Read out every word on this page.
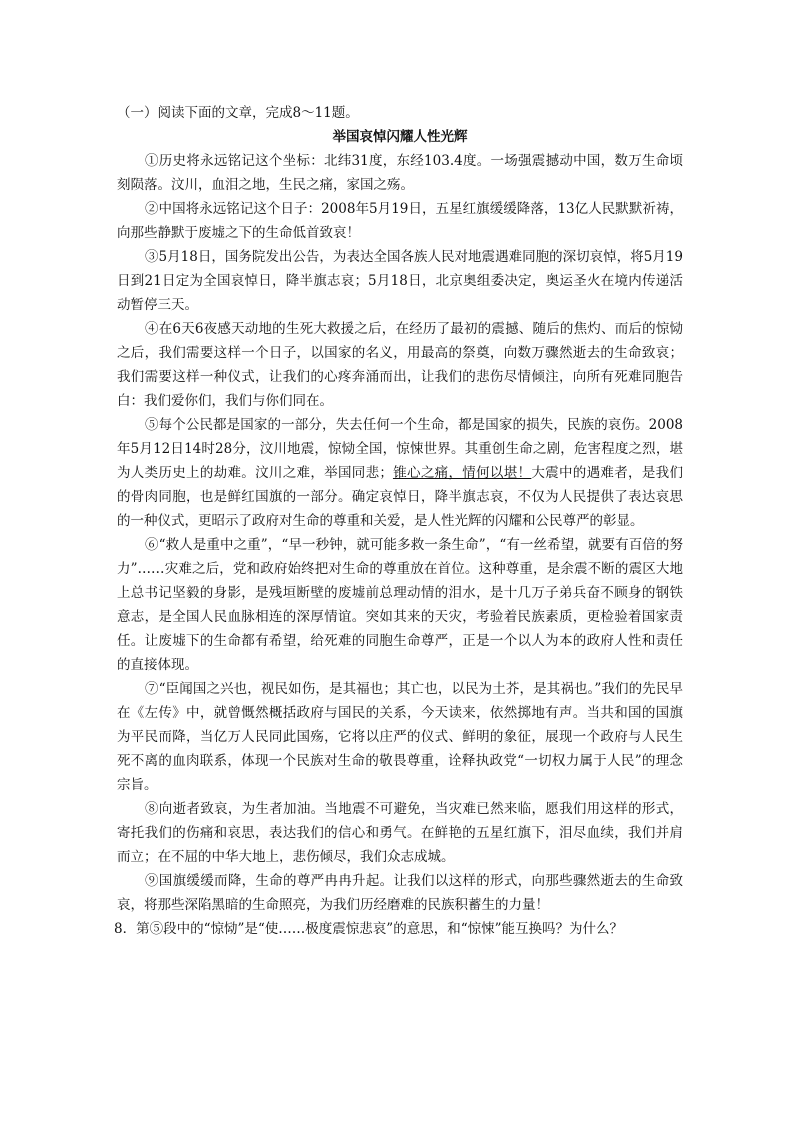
（一）阅读下面的文章，完成8～11题。

举国哀悼闪耀人性光辉

①历史将永远铭记这个坐标：北纬31度，东经103.4度。一场强震撼动中国，数万生命顷刻陨落。汶川，血泪之地，生民之痛，家国之殇。

②中国将永远铭记这个日子：2008年5月19日，五星红旗缓缓降落，13亿人民默默祈祷，向那些静默于废墟之下的生命低首致哀！

③5月18日，国务院发出公告，为表达全国各族人民对地震遇难同胞的深切哀悼，将5月19日到21日定为全国哀悼日，降半旗志哀；5月18日，北京奥组委决定，奥运圣火在境内传递活动暂停三天。

④在6天6夜感天动地的生死大救援之后，在经历了最初的震撼、随后的焦灼、而后的惊恸之后，我们需要这样一个日子，以国家的名义，用最高的祭奠，向数万骤然逝去的生命致哀；我们需要这样一种仪式，让我们的心疼奔涌而出，让我们的悲伤尽情倾注，向所有死难同胞告白：我们爱你们，我们与你们同在。

⑤每个公民都是国家的一部分，失去任何一个生命，都是国家的损失，民族的哀伤。2008年5月12日14时28分，汶川地震，惊恸全国，惊悚世界。其重创生命之剧，危害程度之烈，堪为人类历史上的劫难。汶川之难，举国同悲；锥心之痛，情何以堪！大震中的遇难者，是我们的骨肉同胞，也是鲜红国旗的一部分。确定哀悼日，降半旗志哀，不仅为人民提供了表达哀思的一种仪式，更昭示了政府对生命的尊重和关爱，是人性光辉的闪耀和公民尊严的彰显。

⑥“救人是重中之重”，“早一秒钟，就可能多救一条生命”，“有一丝希望，就要有百倍的努力”……灾难之后，党和政府始终把对生命的尊重放在首位。这种尊重，是余震不断的震区大地上总书记坚毅的身影，是残垣断壁的废墟前总理动情的泪水，是十几万子弟兵奋不顾身的钢铁意志，是全国人民血脉相连的深厚情谊。突如其来的天灾，考验着民族素质，更检验着国家责任。让废墟下的生命都有希望，给死难的同胞生命尊严，正是一个以人为本的政府人性和责任的直接体现。

⑦“臣闻国之兴也，视民如伤，是其福也；其亡也，以民为土芥，是其祸也。”我们的先民早在《左传》中，就曾慨然概括政府与国民的关系，今天读来，依然掷地有声。当共和国的国旗为平民而降，当亿万人民同此国殇，它将以庄严的仪式、鲜明的象征，展现一个政府与人民生死不离的血肉联系，体现一个民族对生命的敬畏尊重，诠释执政党“一切权力属于人民”的理念宗旨。

⑧向逝者致哀，为生者加油。当地震不可避免，当灾难已然来临，愿我们用这样的形式，寄托我们的伤痛和哀思，表达我们的信心和勇气。在鲜艳的五星红旗下，泪尽血续，我们并肩而立；在不屈的中华大地上，悲伤倾尽，我们众志成城。

⑨国旗缓缓而降，生命的尊严冉冉升起。让我们以这样的形式，向那些骤然逝去的生命致哀，将那些深陷黑暗的生命照亮，为我们历经磨难的民族积蓄生的力量！

8．第⑤段中的“惊恸”是“使……极度震惊悲哀”的意思，和“惊悚”能互换吗？为什么？
